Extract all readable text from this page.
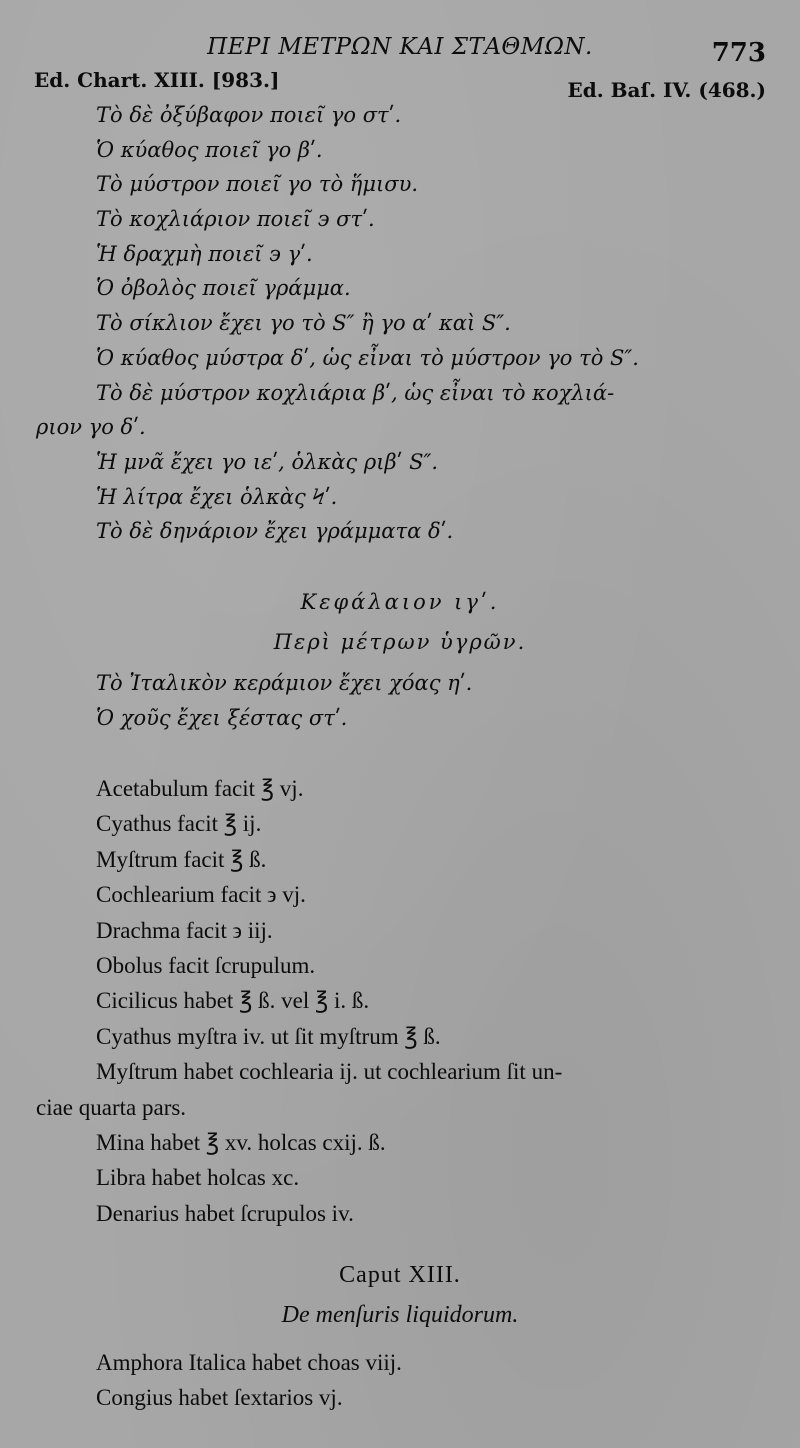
ΠΕΡΙ ΜΕΤΡΩΝ ΚΑΙ ΣΤΑΘΜΩΝ.	773
Ed. Chart. XIII. [983.]	Ed. Baſ. IV. (468.)
Τὸ δὲ ὀξύβαφον ποιεῖ γο στʹ.
Ὁ κύαθος ποιεῖ γο βʹ.
Τὸ μύστρον ποιεῖ γο τὸ ἥμισυ.
Τὸ κοχλιάριον ποιεῖ ϶ στʹ.
Ἡ δραχμὴ ποιεῖ ϶ γʹ.
Ὁ ὀβολὸς ποιεῖ γράμμα.
Τὸ σίκλιον ἔχει γο τὸ S″ ἢ γο αʹ καὶ S″.
Ὁ κύαθος μύστρα δʹ, ὡς εἶναι τὸ μύστρον γο τὸ S″.
Τὸ δὲ μύστρον κοχλιάρια βʹ, ὡς εἶναι τὸ κοχλιά-
ριον γο δʹ.
Ἡ μνᾶ ἔχει γο ιεʹ, ὁλκὰς ριβʹ S″.
Ἡ λίτρα ἔχει ὁλκὰς Ϟʹ.
Τὸ δὲ δηνάριον ἔχει γράμματα δʹ.
Κεφάλαιον ιγʹ.
Περὶ μέτρων ὑγρῶν.
Τὸ Ἰταλικὸν κεράμιον ἔχει χόας ηʹ.
Ὁ χοῦς ἔχει ξέστας στʹ.
Acetabulum facit ℥ vj.
Cyathus facit ℥ ij.
Myſtrum facit ℥ ß.
Cochlearium facit ϶ vj.
Drachma facit ϶ iij.
Obolus facit ſcrupulum.
Cicilicus habet ℥ ß. vel ℥ i. ß.
Cyathus myſtra iv. ut ſit myſtrum ℥ ß.
Myſtrum habet cochlearia ij. ut cochlearium ſit un-
ciae quarta pars.
Mina habet ℥ xv. holcas cxij. ß.
Libra habet holcas xc.
Denarius habet ſcrupulos iv.
Caput XIII.
De menſuris liquidorum.
Amphora Italica habet choas viij.
Congius habet ſextarios vj.
